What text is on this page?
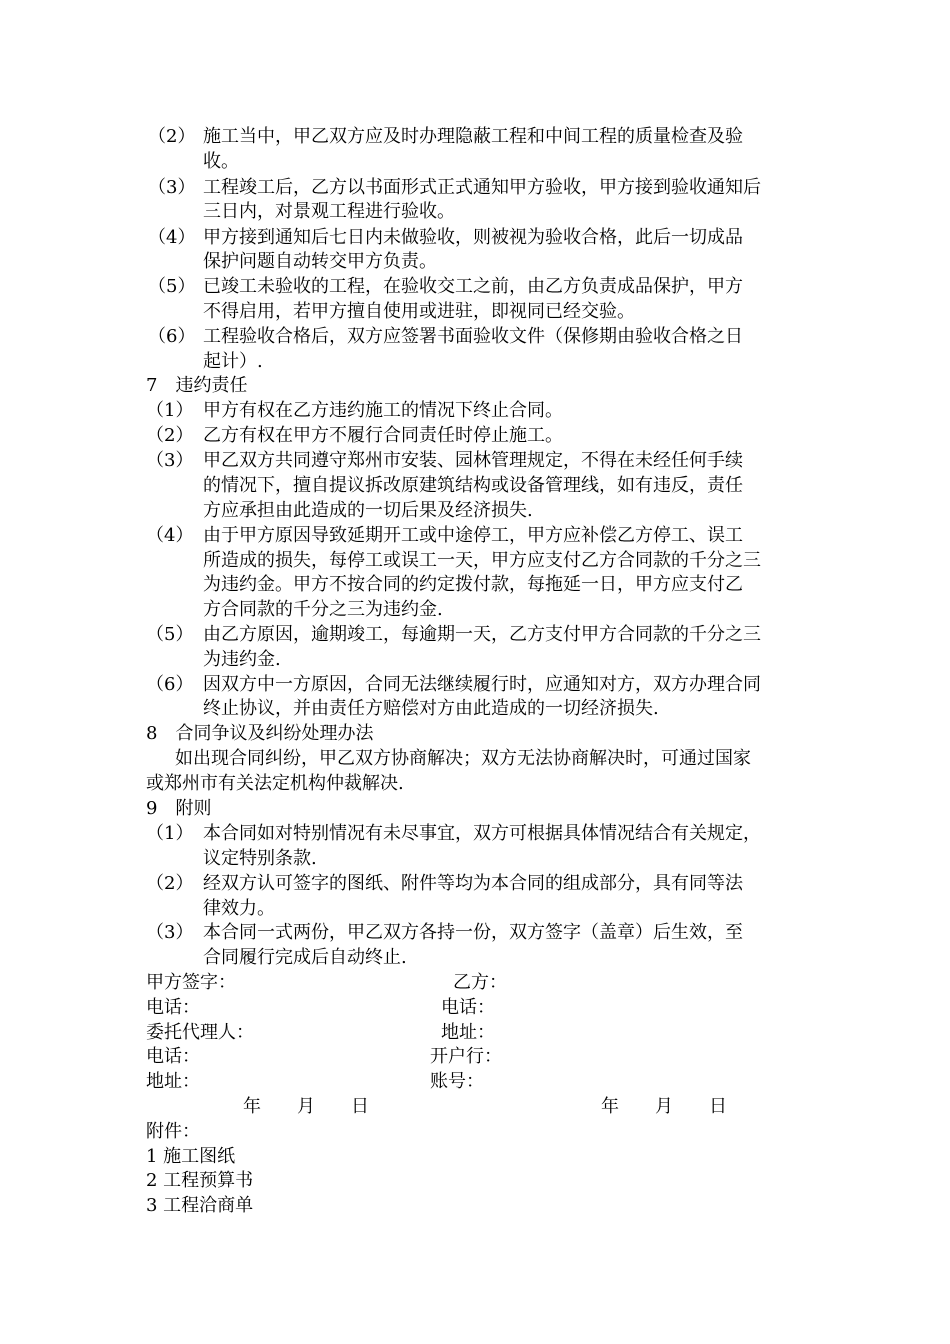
（2） 施工当中，甲乙双方应及时办理隐蔽工程和中间工程的质量检查及验
收。
（3） 工程竣工后，乙方以书面形式正式通知甲方验收，甲方接到验收通知后
三日内，对景观工程进行验收。
（4） 甲方接到通知后七日内未做验收，则被视为验收合格，此后一切成品
保护问题自动转交甲方负责。
（5） 已竣工未验收的工程，在验收交工之前，由乙方负责成品保护，甲方
不得启用，若甲方擅自使用或进驻，即视同已经交验。
（6） 工程验收合格后，双方应签署书面验收文件（保修期由验收合格之日
起计）.
7　违约责任
（1） 甲方有权在乙方违约施工的情况下终止合同。
（2） 乙方有权在甲方不履行合同责任时停止施工。
（3） 甲乙双方共同遵守郑州市安装、园林管理规定，不得在未经任何手续
的情况下，擅自提议拆改原建筑结构或设备管理线，如有违反，责任
方应承担由此造成的一切后果及经济损失.
（4） 由于甲方原因导致延期开工或中途停工，甲方应补偿乙方停工、误工
所造成的损失，每停工或误工一天，甲方应支付乙方合同款的千分之三
为违约金。甲方不按合同的约定拨付款，每拖延一日，甲方应支付乙
方合同款的千分之三为违约金.
（5） 由乙方原因，逾期竣工，每逾期一天，乙方支付甲方合同款的千分之三
为违约金.
（6） 因双方中一方原因，合同无法继续履行时，应通知对方，双方办理合同
终止协议，并由责任方赔偿对方由此造成的一切经济损失.
8　合同争议及纠纷处理办法
如出现合同纠纷，甲乙双方协商解决；双方无法协商解决时，可通过国家
或郑州市有关法定机构仲裁解决.
9　附则
（1） 本合同如对特别情况有未尽事宜，双方可根据具体情况结合有关规定，
议定特别条款.
（2） 经双方认可签字的图纸、附件等均为本合同的组成部分，具有同等法
律效力。
（3） 本合同一式两份，甲乙双方各持一份，双方签字（盖章）后生效，至
合同履行完成后自动终止.
甲方签字：	乙方：
电话：	电话：
委托代理人：	地址：
电话：	开户行：
地址：	账号：
年　　月　　日	年　　月　　日
附件：
1 施工图纸
2 工程预算书
3 工程洽商单
